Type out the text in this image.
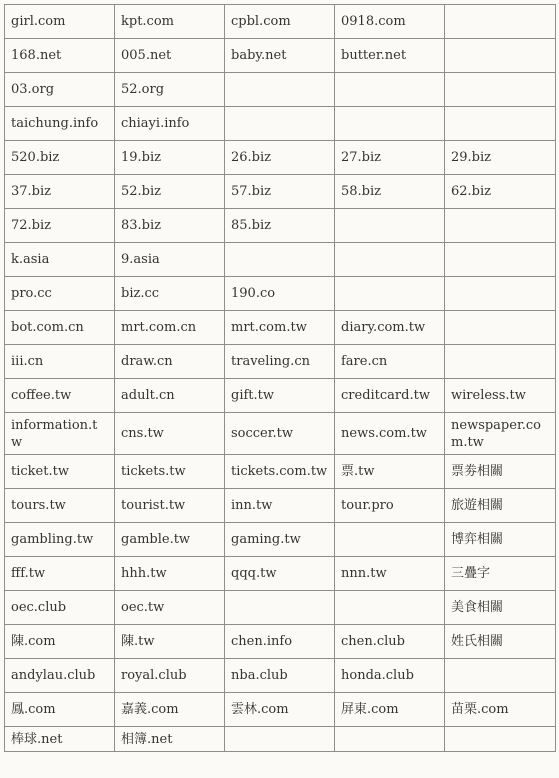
girl.com	kpt.com	cpbl.com	0918.com	
168.net	005.net	baby.net	butter.net	
03.org	52.org			
taichung.info	chiayi.info			
520.biz	19.biz	26.biz	27.biz	29.biz
37.biz	52.biz	57.biz	58.biz	62.biz
72.biz	83.biz	85.biz		
k.asia	9.asia			
pro.cc	biz.cc	190.co		
bot.com.cn	mrt.com.cn	mrt.com.tw	diary.com.tw	
iii.cn	draw.cn	traveling.cn	fare.cn	
coffee.tw	adult.cn	gift.tw	creditcard.tw	wireless.tw
information.tw	cns.tw	soccer.tw	news.com.tw	newspaper.com.tw
ticket.tw	tickets.tw	tickets.com.tw	票.tw	票劵相關
tours.tw	tourist.tw	inn.tw	tour.pro	旅遊相關
gambling.tw	gamble.tw	gaming.tw		博弈相關
fff.tw	hhh.tw	qqq.tw	nnn.tw	三疊字
oec.club	oec.tw			美食相關
陳.com	陳.tw	chen.info	chen.club	姓氏相關
andylau.club	royal.club	nba.club	honda.club	
鳳.com	嘉義.com	雲林.com	屏東.com	苗栗.com
棒球.net	相簿.net			
